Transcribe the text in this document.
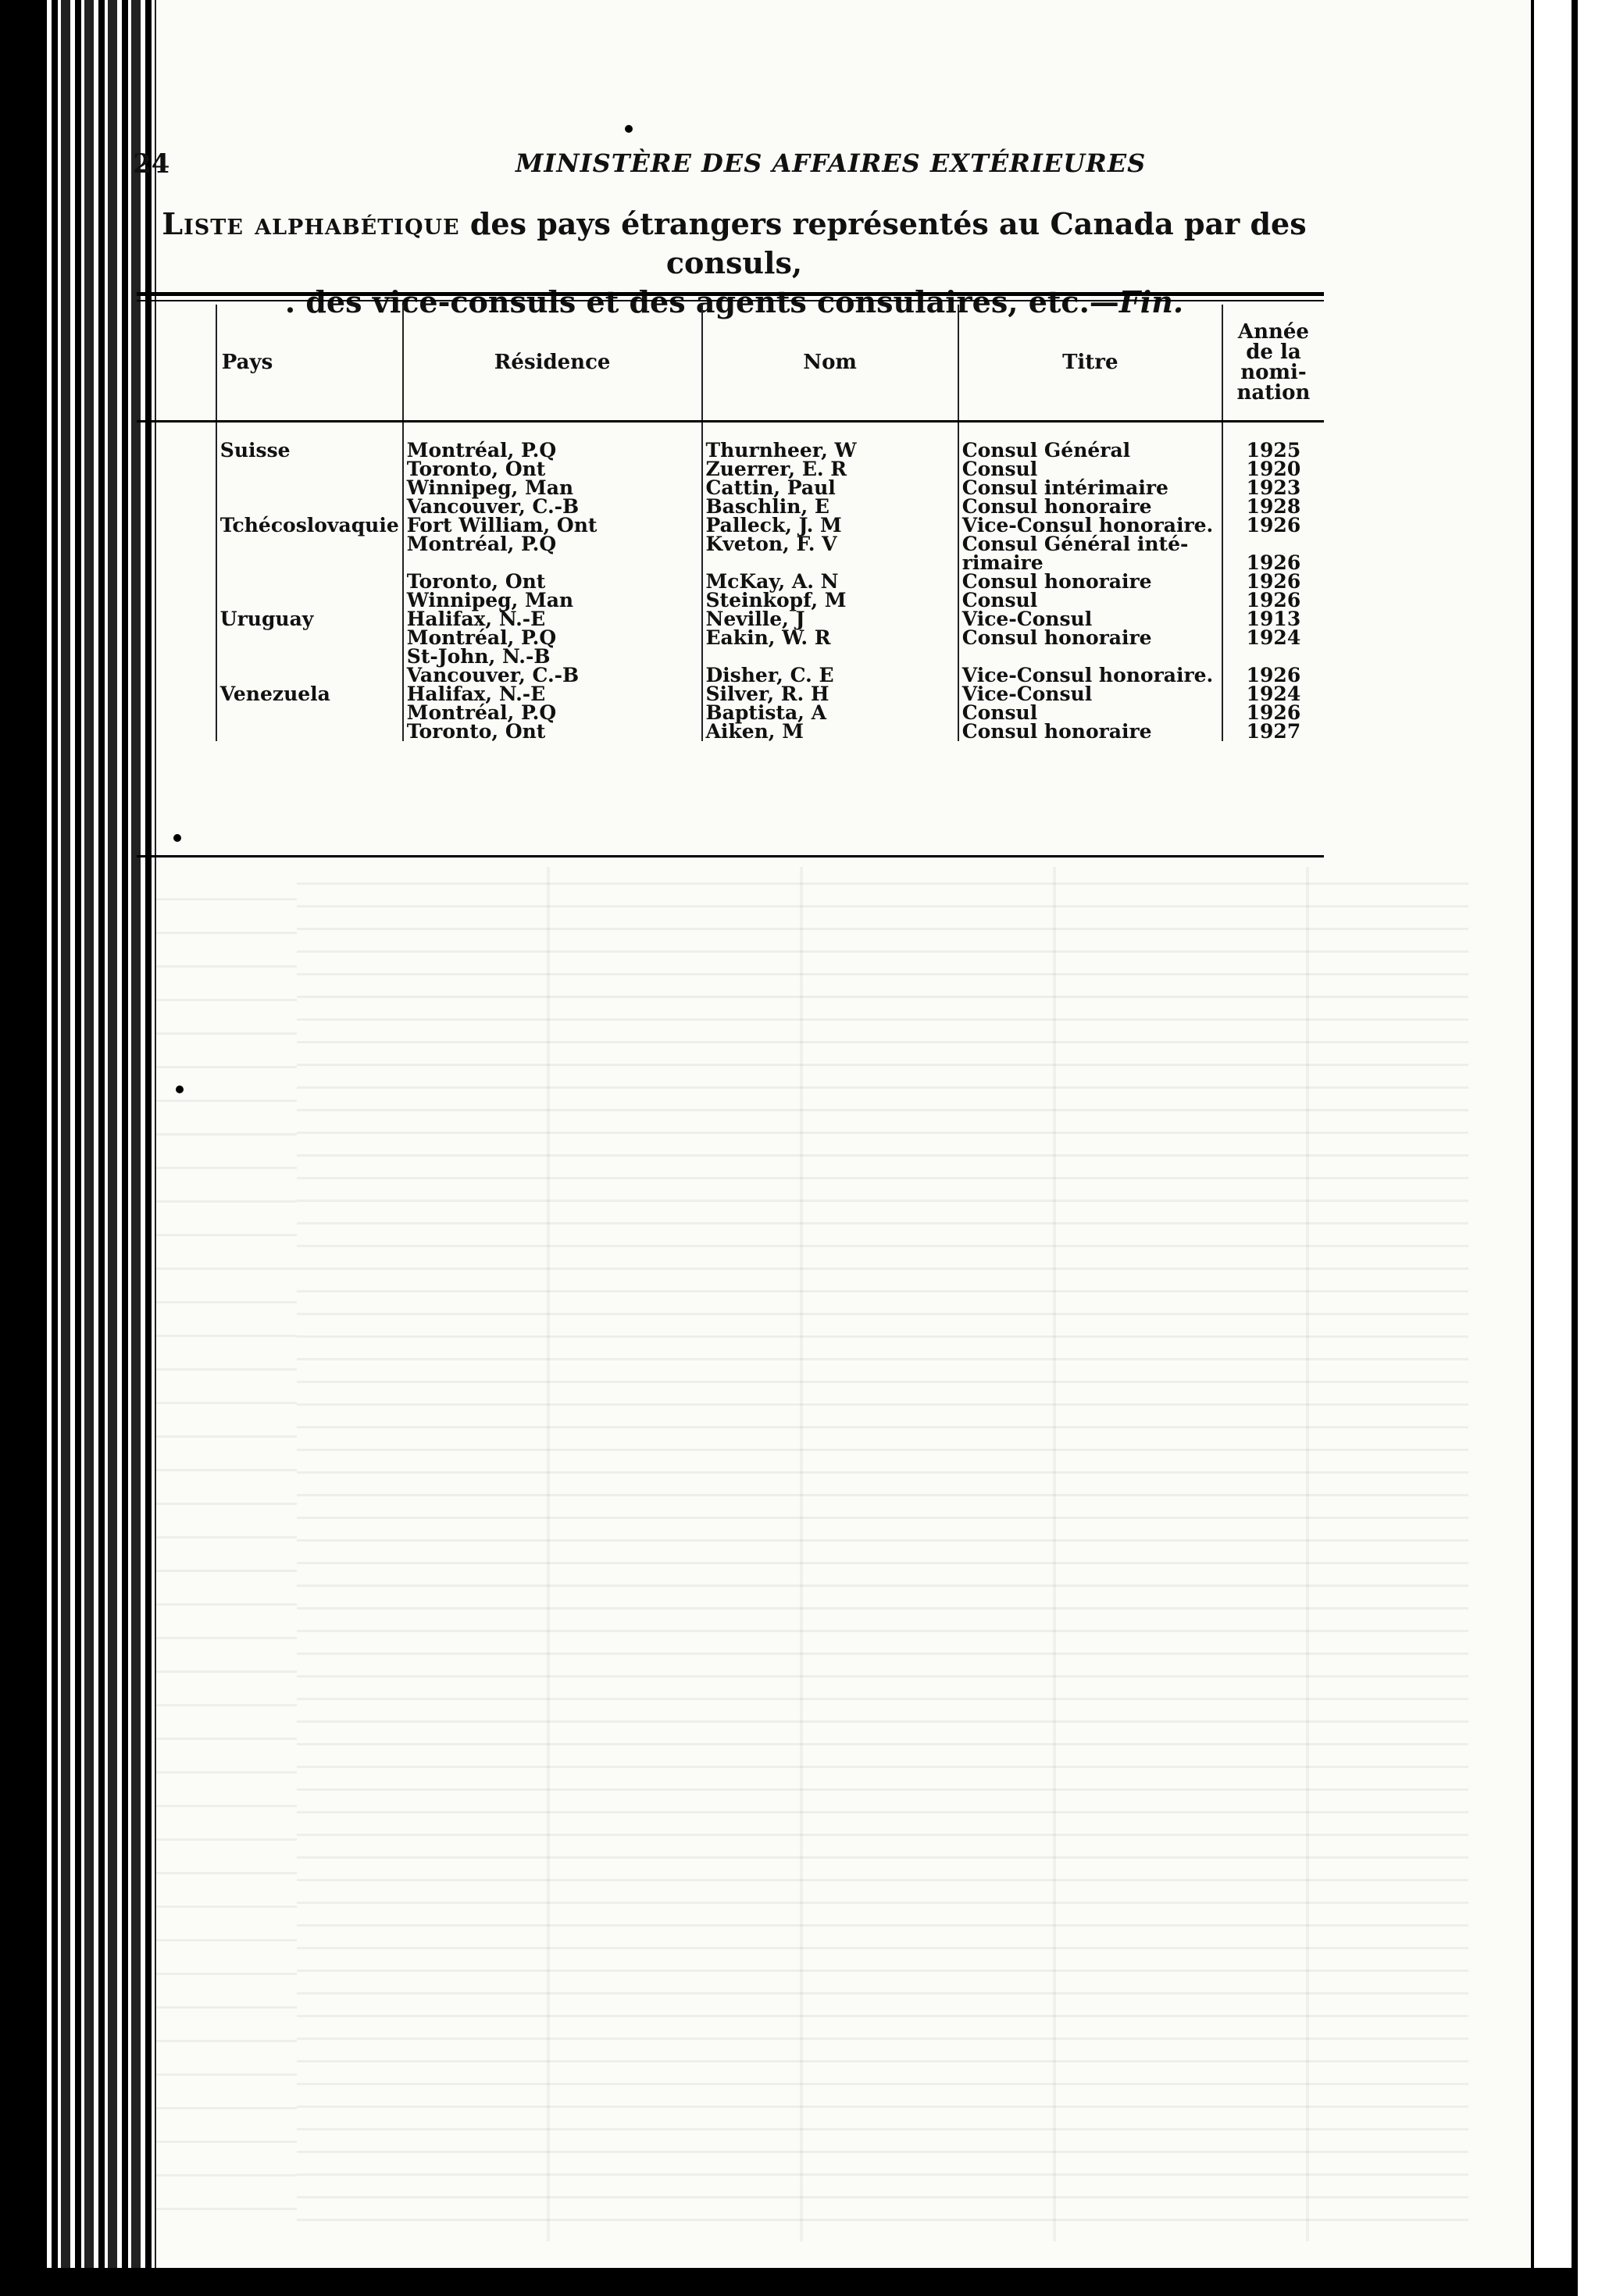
24	MINISTÈRE DES AFFAIRES EXTÉRIEURES
Liste alphabétique des pays étrangers représentés au Canada par des consuls,
. des vice-consuls et des agents consulaires, etc.—Fin.
	Pays	Résidence	Nom	Titre	Année de la nomi- nation

	Suisse	Montréal, P.Q	Thurnheer, W	Consul Général	1925
		Toronto, Ont	Zuerrer, E. R	Consul	1920
		Winnipeg, Man	Cattin, Paul	Consul intérimaire	1923
		Vancouver, C.-B	Baschlin, E	Consul honoraire	1928
	Tchécoslovaquie	Fort William, Ont	Palleck, J. M	Vice-Consul honoraire.	1926
		Montréal, P.Q	Kveton, F. V	Consul Général inté-	
				rimaire	1926
		Toronto, Ont	McKay, A. N	Consul honoraire	1926
		Winnipeg, Man	Steinkopf, M	Consul	1926
	Uruguay	Halifax, N.-E	Neville, J	Vice-Consul	1913
		Montréal, P.Q	Eakin, W. R	Consul honoraire	1924
		St-John, N.-B			
		Vancouver, C.-B	Disher, C. E	Vice-Consul honoraire.	1926
	Venezuela	Halifax, N.-E	Silver, R. H	Vice-Consul	1924
		Montréal, P.Q	Baptista, A	Consul	1926
		Toronto, Ont	Aiken, M	Consul honoraire	1927
